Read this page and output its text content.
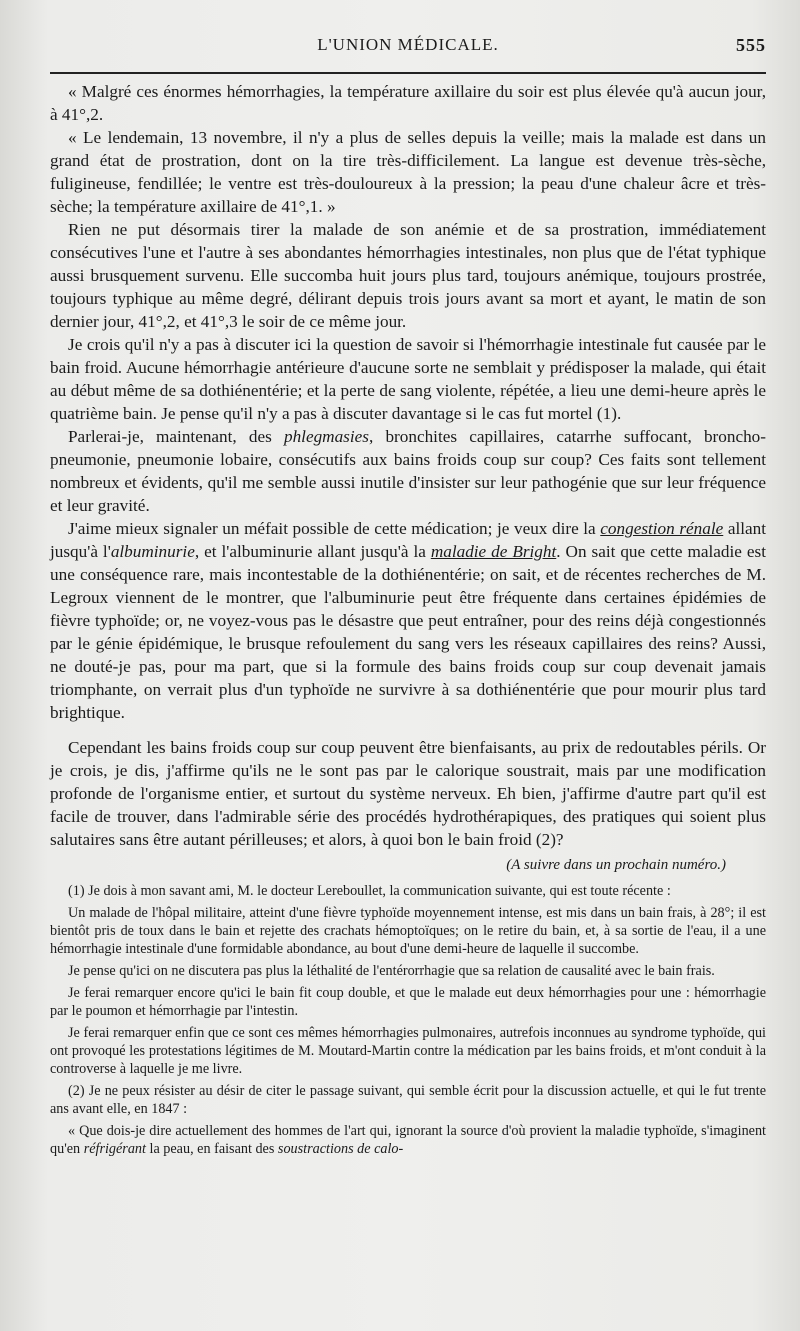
L'UNION MÉDICALE.	555

« Malgré ces énormes hémorrhagies, la température axillaire du soir est plus élevée qu'à aucun jour, à 41°,2.

« Le lendemain, 13 novembre, il n'y a plus de selles depuis la veille; mais la malade est dans un grand état de prostration, dont on la tire très-difficilement. La langue est devenue très-sèche, fuligineuse, fendillée; le ventre est très-douloureux à la pression; la peau d'une chaleur âcre et très-sèche; la température axillaire de 41°,1. »

Rien ne put désormais tirer la malade de son anémie et de sa prostration, immédiatement consécutives l'une et l'autre à ses abondantes hémorrhagies intestinales, non plus que de l'état typhique aussi brusquement survenu. Elle succomba huit jours plus tard, toujours anémique, toujours prostrée, toujours typhique au même degré, délirant depuis trois jours avant sa mort et ayant, le matin de son dernier jour, 41°,2, et 41°,3 le soir de ce même jour.

Je crois qu'il n'y a pas à discuter ici la question de savoir si l'hémorrhagie intestinale fut causée par le bain froid. Aucune hémorrhagie antérieure d'aucune sorte ne semblait y prédisposer la malade, qui était au début même de sa dothiénentérie; et la perte de sang violente, répétée, a lieu une demi-heure après le quatrième bain. Je pense qu'il n'y a pas à discuter davantage si le cas fut mortel (1).

Parlerai-je, maintenant, des phlegmasies, bronchites capillaires, catarrhe suffocant, broncho-pneumonie, pneumonie lobaire, consécutifs aux bains froids coup sur coup? Ces faits sont tellement nombreux et évidents, qu'il me semble aussi inutile d'insister sur leur pathogénie que sur leur fréquence et leur gravité.

J'aime mieux signaler un méfait possible de cette médication; je veux dire la congestion rénale allant jusqu'à l'albuminurie, et l'albuminurie allant jusqu'à la maladie de Bright. On sait que cette maladie est une conséquence rare, mais incontestable de la dothiénentérie; on sait, et de récentes recherches de M. Legroux viennent de le montrer, que l'albuminurie peut être fréquente dans certaines épidémies de fièvre typhoïde; or, ne voyez-vous pas le désastre que peut entraîner, pour des reins déjà congestionnés par le génie épidémique, le brusque refoulement du sang vers les réseaux capillaires des reins? Aussi, ne douté-je pas, pour ma part, que si la formule des bains froids coup sur coup devenait jamais triomphante, on verrait plus d'un typhoïde ne survivre à sa dothiénentérie que pour mourir plus tard brightique.

Cependant les bains froids coup sur coup peuvent être bienfaisants, au prix de redoutables périls. Or je crois, je dis, j'affirme qu'ils ne le sont pas par le calorique soustrait, mais par une modification profonde de l'organisme entier, et surtout du système nerveux. Eh bien, j'affirme d'autre part qu'il est facile de trouver, dans l'admirable série des procédés hydrothérapiques, des pratiques qui soient plus salutaires sans être autant périlleuses; et alors, à quoi bon le bain froid (2)?

(A suivre dans un prochain numéro.)

(1) Je dois à mon savant ami, M. le docteur Lereboullet, la communication suivante, qui est toute récente :

Un malade de l'hôpal militaire, atteint d'une fièvre typhoïde moyennement intense, est mis dans un bain frais, à 28°; il est bientôt pris de toux dans le bain et rejette des crachats hémoptoïques; on le retire du bain, et, à sa sortie de l'eau, il a une hémorrhagie intestinale d'une formidable abondance, au bout d'une demi-heure de laquelle il succombe.

Je pense qu'ici on ne discutera pas plus la léthalité de l'entérorrhagie que sa relation de causalité avec le bain frais.

Je ferai remarquer encore qu'ici le bain fit coup double, et que le malade eut deux hémorrhagies pour une : hémorrhagie par le poumon et hémorrhagie par l'intestin.

Je ferai remarquer enfin que ce sont ces mêmes hémorrhagies pulmonaires, autrefois inconnues au syndrome typhoïde, qui ont provoqué les protestations légitimes de M. Moutard-Martin contre la médication par les bains froids, et m'ont conduit à la controverse à laquelle je me livre.

(2) Je ne peux résister au désir de citer le passage suivant, qui semble écrit pour la discussion actuelle, et qui le fut trente ans avant elle, en 1847 :

« Que dois-je dire actuellement des hommes de l'art qui, ignorant la source d'où provient la maladie typhoïde, s'imaginent qu'en réfrigérant la peau, en faisant des soustractions de calo-
